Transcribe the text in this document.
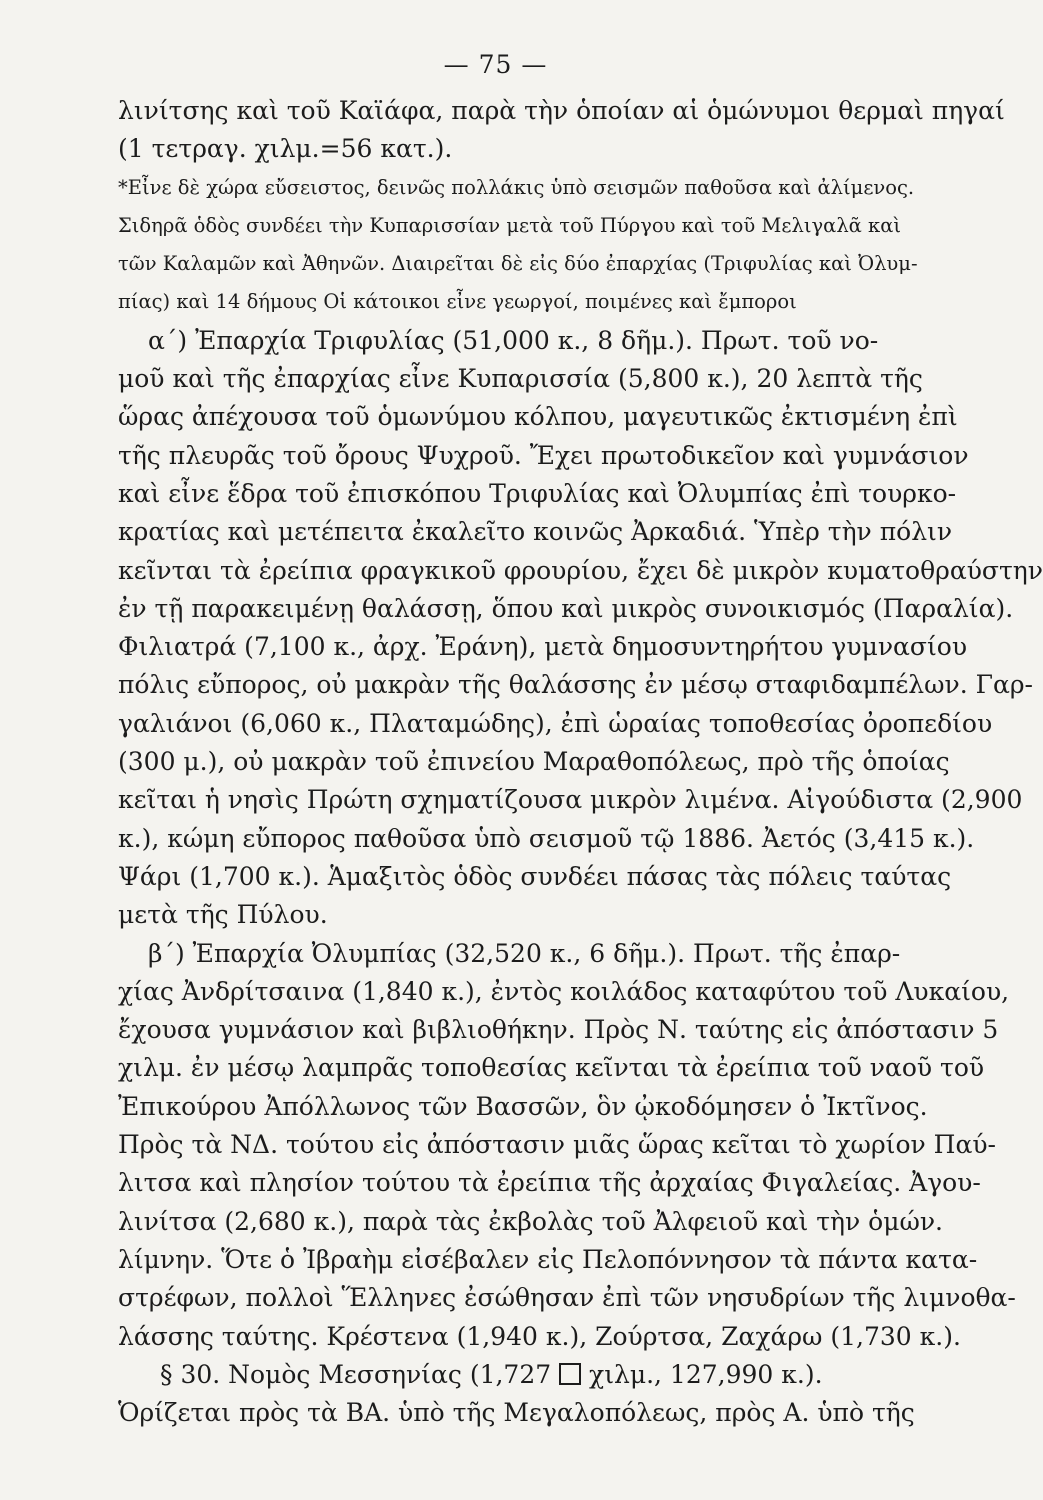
— 75 —
λινίτσης καὶ τοῦ Καϊάφα, παρὰ τὴν ὁποίαν αἱ ὁμώνυμοι θερμαὶ πηγαί
(1 τετραγ. χιλμ.=56 κατ.).
*Εἶνε δὲ χώρα εὔσειστος, δεινῶς πολλάκις ὑπὸ σεισμῶν παθοῦσα καὶ ἀλίμενος.
Σιδηρᾶ ὁδὸς συνδέει τὴν Κυπαρισσίαν μετὰ τοῦ Πύργου καὶ τοῦ Μελιγαλᾶ καὶ
τῶν Καλαμῶν καὶ Ἀθηνῶν. Διαιρεῖται δὲ εἰς δύο ἐπαρχίας (Τριφυλίας καὶ Ὀλυμ-
πίας) καὶ 14 δήμους Οἱ κάτοικοι εἶνε γεωργοί, ποιμένες καὶ ἔμποροι
α΄) Ἐπαρχία Τριφυλίας (51,000 κ., 8 δῆμ.). Πρωτ. τοῦ νο-
μοῦ καὶ τῆς ἐπαρχίας εἶνε Κυπαρισσία (5,800 κ.), 20 λεπτὰ τῆς
ὥρας ἀπέχουσα τοῦ ὁμωνύμου κόλπου, μαγευτικῶς ἐκτισμένη ἐπὶ
τῆς πλευρᾶς τοῦ ὄρους Ψυχροῦ. Ἔχει πρωτοδικεῖον καὶ γυμνάσιον
καὶ εἶνε ἕδρα τοῦ ἐπισκόπου Τριφυλίας καὶ Ὀλυμπίας ἐπὶ τουρκο-
κρατίας καὶ μετέπειτα ἐκαλεῖτο κοινῶς Ἀρκαδιά. Ὑπὲρ τὴν πόλιν
κεῖνται τὰ ἐρείπια φραγκικοῦ φρουρίου, ἔχει δὲ μικρὸν κυματοθραύστην
ἐν τῇ παρακειμένῃ θαλάσσῃ, ὅπου καὶ μικρὸς συνοικισμός (Παραλία).
Φιλιατρά (7,100 κ., ἀρχ. Ἐράνη), μετὰ δημοσυντηρήτου γυμνασίου
πόλις εὔπορος, οὐ μακρὰν τῆς θαλάσσης ἐν μέσῳ σταφιδαμπέλων. Γαρ-
γαλιάνοι (6,060 κ., Πλαταμώδης), ἐπὶ ὡραίας τοποθεσίας ὀροπεδίου
(300 μ.), οὐ μακρὰν τοῦ ἐπινείου Μαραθοπόλεως, πρὸ τῆς ὁποίας
κεῖται ἡ νησὶς Πρώτη σχηματίζουσα μικρὸν λιμένα. Αἰγούδιστα (2,900
κ.), κώμη εὔπορος παθοῦσα ὑπὸ σεισμοῦ τῷ 1886. Ἀετός (3,415 κ.).
Ψάρι (1,700 κ.). Ἁμαξιτὸς ὁδὸς συνδέει πάσας τὰς πόλεις ταύτας
μετὰ τῆς Πύλου.
β΄) Ἐπαρχία Ὀλυμπίας (32,520 κ., 6 δῆμ.). Πρωτ. τῆς ἐπαρ-
χίας Ἀνδρίτσαινα (1,840 κ.), ἐντὸς κοιλάδος καταφύτου τοῦ Λυκαίου,
ἔχουσα γυμνάσιον καὶ βιβλιοθήκην. Πρὸς Ν. ταύτης εἰς ἀπόστασιν 5
χιλμ. ἐν μέσῳ λαμπρᾶς τοποθεσίας κεῖνται τὰ ἐρείπια τοῦ ναοῦ τοῦ
Ἐπικούρου Ἀπόλλωνος τῶν Βασσῶν, ὃν ᾠκοδόμησεν ὁ Ἰκτῖνος.
Πρὸς τὰ ΝΔ. τούτου εἰς ἀπόστασιν μιᾶς ὥρας κεῖται τὸ χωρίον Παύ-
λιτσα καὶ πλησίον τούτου τὰ ἐρείπια τῆς ἀρχαίας Φιγαλείας. Ἀγου-
λινίτσα (2,680 κ.), παρὰ τὰς ἐκβολὰς τοῦ Ἀλφειοῦ καὶ τὴν ὁμών.
λίμνην. Ὅτε ὁ Ἰβραὴμ εἰσέβαλεν εἰς Πελοπόννησον τὰ πάντα κατα-
στρέφων, πολλοὶ Ἕλληνες ἐσώθησαν ἐπὶ τῶν νησυδρίων τῆς λιμνοθα-
λάσσης ταύτης. Κρέστενα (1,940 κ.), Ζούρτσα, Ζαχάρω (1,730 κ.).
§ 30. Νομὸς Μεσσηνίας (1,727 χιλμ., 127,990 κ.).
Ὁρίζεται πρὸς τὰ ΒΑ. ὑπὸ τῆς Μεγαλοπόλεως, πρὸς Α. ὑπὸ τῆς
